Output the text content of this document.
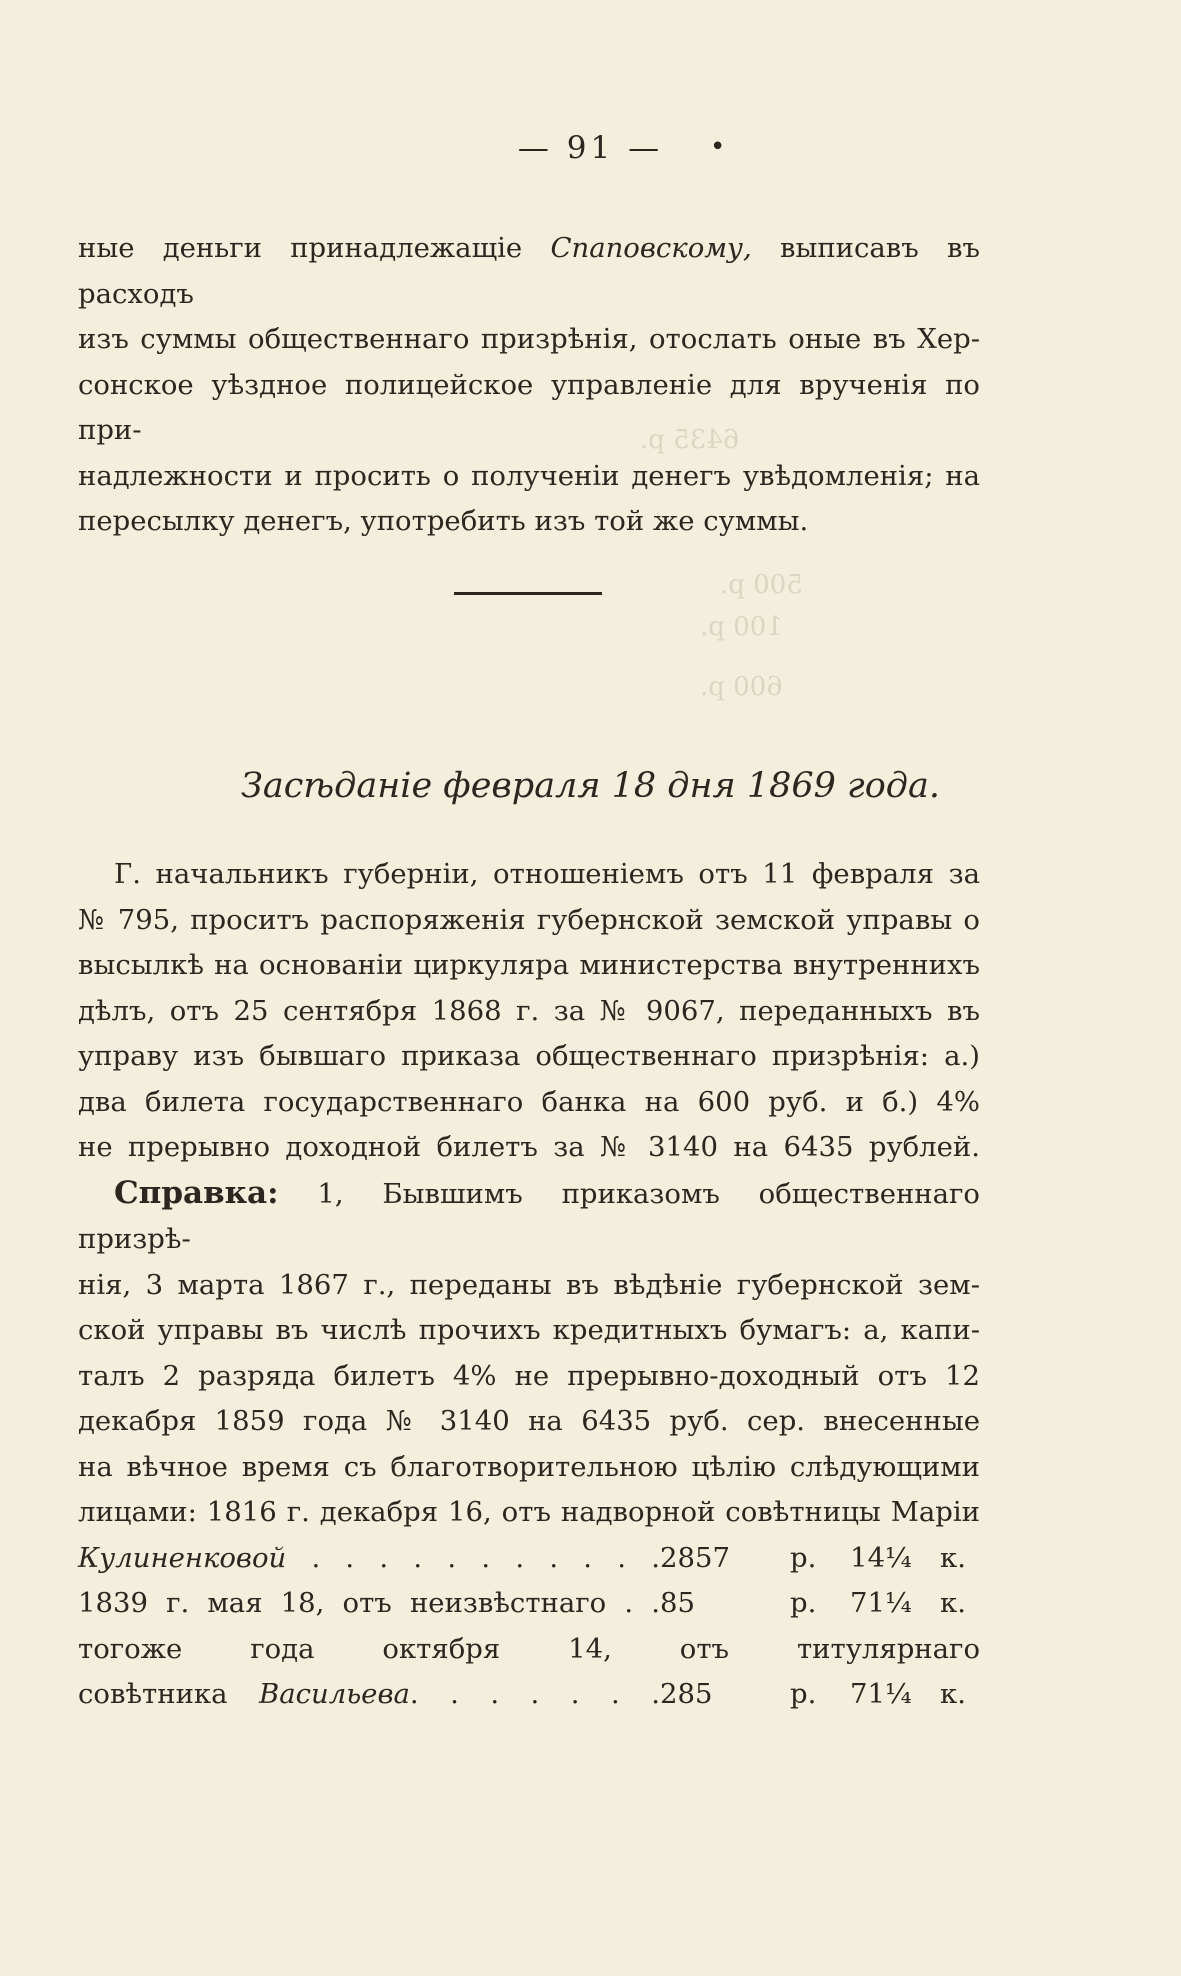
— 91 —	•
6435 р.
500 р.
100 р.
600 р.

ные деньги принадлежащіе Спаповскому, выписавъ въ расходъ

изъ суммы общественнаго призрѣнія, отослать оные въ Хер-

сонское уѣздное полицейское управленіе для врученія по при-

надлежности и просить о полученіи денегъ увѣдомленія; на

пересылку денегъ, употребить изъ той же суммы.

Засѣданіе февраля 18 дня 1869 года.

Г. начальникъ губерніи, отношеніемъ отъ 11 февраля за

№ 795, проситъ распоряженія губернской земской управы о

высылкѣ на основаніи циркуляра министерства внутреннихъ

дѣлъ, отъ 25 сентября 1868 г. за № 9067, переданныхъ въ

управу изъ бывшаго приказа общественнаго призрѣнія: а.)

два билета государственнаго банка на 600 руб. и б.) 4%

не прерывно доходной билетъ за № 3140 на 6435 рублей.

Справка: 1, Бывшимъ приказомъ общественнаго призрѣ-

нія, 3 марта 1867 г., переданы въ вѣдѣніе губернской зем-

ской управы въ числѣ прочихъ кредитныхъ бумагъ: а, капи-

талъ 2 разряда билетъ 4% не прерывно-доходный отъ 12

декабря 1859 года № 3140 на 6435 руб. сер. внесенные

на вѣчное время съ благотворительною цѣлію слѣдующими

лицами: 1816 г. декабря 16, отъ надворной совѣтницы Маріи

Кулиненковой . . . . . . . . . . . 2857	р.	14¼	к.
1839 г. мая 18, отъ неизвѣстнаго . . 85	р.	71¼	к.
тогоже года октября 14, отъ титулярнаго
совѣтника Васильева. . . . . . . 285	р.	71¼	к.
